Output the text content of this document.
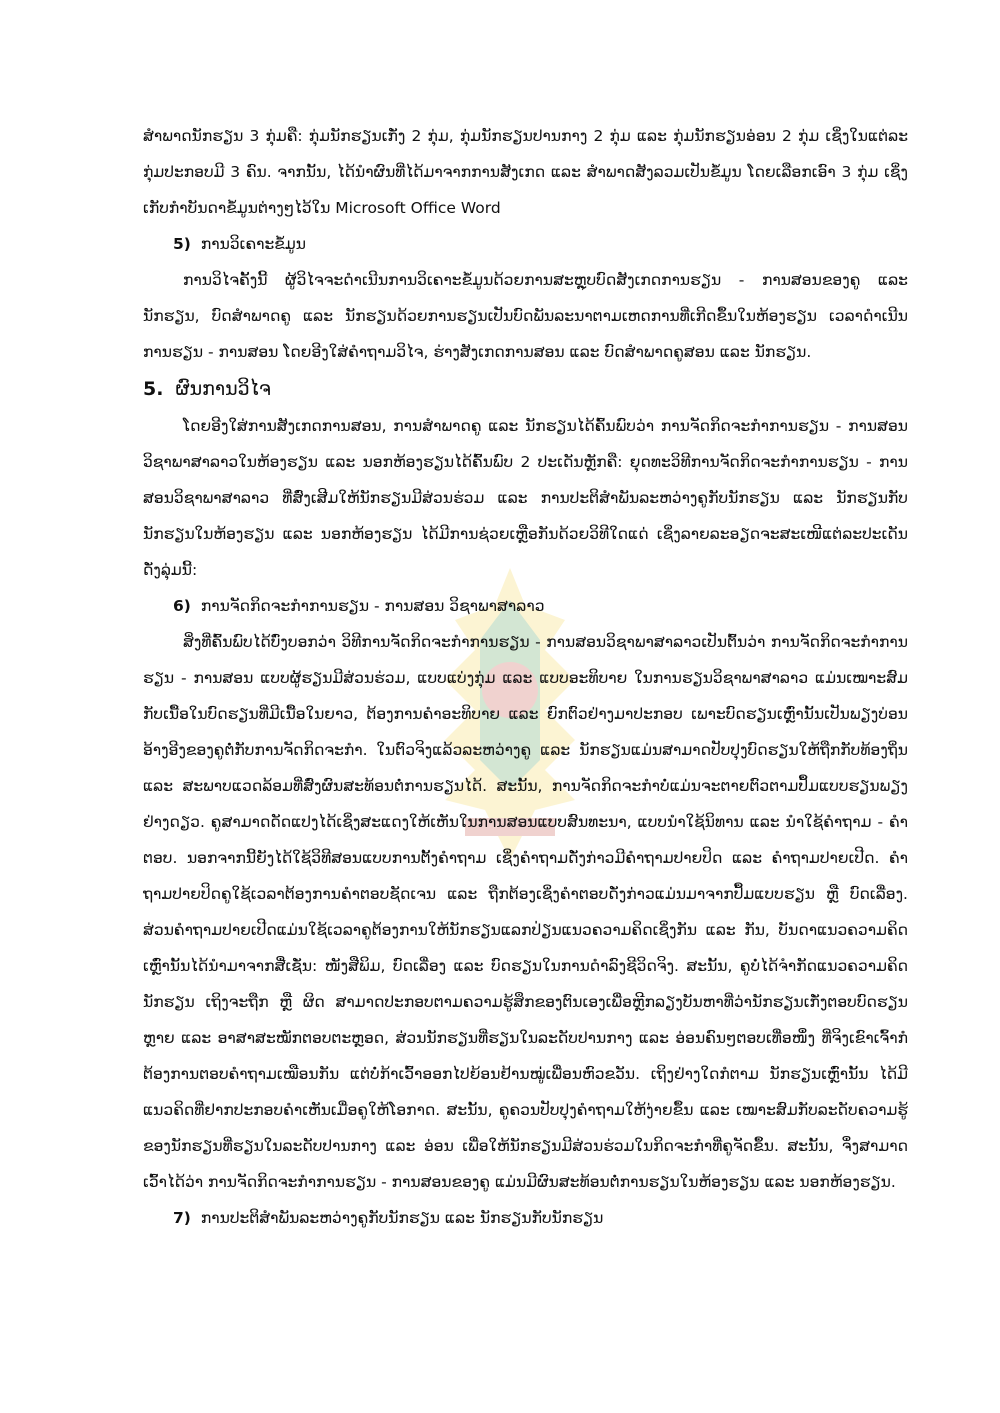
ສໍາພາດນັກຮຽນ 3 ກຸ່ມຄື: ກຸ່ມນັກຮຽນເກັ່ງ 2 ກຸ່ມ, ກຸ່ມນັກຮຽນປານກາງ 2 ກຸ່ມ ແລະ ກຸ່ມນັກຮຽນອ່ອນ 2 ກຸ່ມ ເຊິ່ງໃນແຕ່ລະກຸ່ມປະກອບມີ 3 ຄົນ. ຈາກນັ້ນ, ໄດ້ນໍາຜົນທີ່ໄດ້ມາຈາກການສັງເກດ ແລະ ສໍາພາດສັງລວມເປັນຂໍ້ມູນ ໂດຍເລືອກເອົາ 3 ກຸ່ມ ເຊິ່ງເກັບກໍາບັນດາຂໍ້ມູນຕ່າງໆໄວ້ໃນ Microsoft Office Word

5) ການວິເຄາະຂໍ້ມູນ

ການວິໄຈຄັ້ງນີ້ ຜູ້ວິໄຈຈະດໍາເນີນການວິເຄາະຂໍ້ມູນດ້ວຍການສະຫຼຸບບົດສັງເກດການຮຽນ - ການສອນຂອງຄູ ແລະ ນັກຮຽນ, ບົດສໍາພາດຄູ ແລະ ນັກຮຽນດ້ວຍການຮຽນເປັນບົດພັນລະນາຕາມເຫດການທີ່ເກີດຂຶ້ນໃນຫ້ອງຮຽນ ເວລາດໍາເນີນການຮຽນ - ການສອນ ໂດຍອີງໃສ່ຄໍາຖາມວິໄຈ, ຮ່າງສັງເກດການສອນ ແລະ ບົດສໍາພາດຄູສອນ ແລະ ນັກຮຽນ.

5. ຜົນການວິໄຈ

ໂດຍອີງໃສ່ການສັງເກດການສອນ, ການສໍາພາດຄູ ແລະ ນັກຮຽນໄດ້ຄົ້ນພົບວ່າ ການຈັດກິດຈະກໍາການຮຽນ - ການສອນວິຊາພາສາລາວໃນຫ້ອງຮຽນ ແລະ ນອກຫ້ອງຮຽນໄດ້ຄົ້ນພົບ 2 ປະເດັນຫຼັກຄື: ຍຸດທະວິທີການຈັດກິດຈະກໍາການຮຽນ - ການສອນວິຊາພາສາລາວ ທີ່ສົ່ງເສີມໃຫ້ນັກຮຽນມີສ່ວນຮ່ວມ ແລະ ການປະຕິສໍາພັນລະຫວ່າງຄູກັບນັກຮຽນ ແລະ ນັກຮຽນກັບນັກຮຽນໃນຫ້ອງຮຽນ ແລະ ນອກຫ້ອງຮຽນ ໄດ້ມີການຊ່ວຍເຫຼືອກັນດ້ວຍວິທີໃດແດ່ ເຊິ່ງລາຍລະອຽດຈະສະເໜີແຕ່ລະປະເດັນດັ່ງລຸ່ມນີ້:

6) ການຈັດກິດຈະກໍາການຮຽນ - ການສອນ ວິຊາພາສາລາວ

ສິ່ງທີ່ຄົ້ນພົບໄດ້ບົ່ງບອກວ່າ ວິທີການຈັດກິດຈະກໍາການຮຽນ - ການສອນວິຊາພາສາລາວເປັນຕົ້ນວ່າ ການຈັດກິດຈະກໍາການຮຽນ - ການສອນ ແບບຜູ້ຮຽນມີສ່ວນຮ່ວມ, ແບບແບ່ງກຸ່ມ ແລະ ແບບອະທິບາຍ ໃນການຮຽນວິຊາພາສາລາວ ແມ່ນເໝາະສົມກັບເນື້ອໃນບົດຮຽນທີ່ມີເນື້ອໃນຍາວ, ຕ້ອງການຄໍາອະທິບາຍ ແລະ ຍົກຕົວຢ່າງມາປະກອບ ເພາະບົດຮຽນເຫຼົ່ານັ້ນເປັນພຽງບ່ອນອ້າງອີງຂອງຄູຕໍ່ກັບການຈັດກິດຈະກໍາ. ໃນຕົວຈິງແລ້ວລະຫວ່າງຄູ ແລະ ນັກຮຽນແມ່ນສາມາດປັບປຸງບົດຮຽນໃຫ້ຖືກກັບທ້ອງຖິ່ນ ແລະ ສະພາບແວດລ້ອມທີ່ສົ່ງຜົນສະທ້ອນຕໍ່ການຮຽນໄດ້. ສະນັ້ນ, ການຈັດກິດຈະກໍາບໍ່ແມ່ນຈະຕາຍຕົວຕາມປຶ້ມແບບຮຽນພຽງຢ່າງດຽວ. ຄູສາມາດດັດແປງໄດ້ເຊິ່ງສະແດງໃຫ້ເຫັນໃນການສອນແບບສົນທະນາ, ແບບນໍາໃຊ້ນິທານ ແລະ ນໍາໃຊ້ຄໍາຖາມ - ຄໍາຕອບ. ນອກຈາກນີ້ຍັງໄດ້ໃຊ້ວິທີສອນແບບການຕັ້ງຄໍາຖາມ ເຊິ່ງຄໍາຖາມດັ່ງກ່າວມີຄໍາຖາມປາຍປິດ ແລະ ຄໍາຖາມປາຍເປີດ. ຄໍາຖາມປາຍປິດຄູໃຊ້ເວລາຕ້ອງການຄໍາຕອບຊັດເຈນ ແລະ ຖືກຕ້ອງເຊິ່ງຄໍາຕອບດັ່ງກ່າວແມ່ນມາຈາກປຶ້ມແບບຮຽນ ຫຼື ບົດເລື່ອງ. ສ່ວນຄໍາຖາມປາຍເປີດແມ່ນໃຊ້ເວລາຄູຕ້ອງການໃຫ້ນັກຮຽນແລກປ່ຽນແນວຄວາມຄິດເຊິ່ງກັນ ແລະ ກັນ, ບັນດາແນວຄວາມຄິດເຫຼົ່ານັ້ນໄດ້ນໍາມາຈາກສື່ເຊັ່ນ: ໜັງສືພິມ, ບົດເລື່ອງ ແລະ ບົດຮຽນໃນການດໍາລົງຊີວິດຈິງ. ສະນັ້ນ, ຄູບໍ່ໄດ້ຈໍາກັດແນວຄວາມຄິດນັກຮຽນ ເຖິງຈະຖືກ ຫຼື ຜິດ ສາມາດປະກອບຕາມຄວາມຮູ້ສຶກຂອງຕົນເອງເພື່ອຫຼີກລຽງບັນຫາທີ່ວ່ານັກຮຽນເກັ່ງຕອບບົດຮຽນຫຼາຍ ແລະ ອາສາສະໝັກຕອບຕະຫຼອດ, ສ່ວນນັກຮຽນທີ່ຮຽນໃນລະດັບປານກາງ ແລະ ອ່ອນຄົນໆຕອບເທື່ອໜຶ່ງ ທີ່ຈິງເຂົາເຈົ້າກໍຕ້ອງການຕອບຄໍາຖາມເໝືອນກັນ ແຕ່ບໍ່ກ້າເວົ້າອອກໄປຍ້ອນຢ້ານໝູ່ເພື່ອນຫົວຂວັນ. ເຖິງຢ່າງໃດກໍຕາມ ນັກຮຽນເຫຼົ່ານັ້ນ ໄດ້ມີແນວຄິດທີ່ຢາກປະກອບຄໍາເຫັນເມື່ອຄູໃຫ້ໂອກາດ. ສະນັ້ນ, ຄູຄວນປັບປຸງຄໍາຖາມໃຫ້ງ່າຍຂຶ້ນ ແລະ ເໝາະສົມກັບລະດັບຄວາມຮູ້ຂອງນັກຮຽນທີ່ຮຽນໃນລະດັບປານກາງ ແລະ ອ່ອນ ເພື່ອໃຫ້ນັກຮຽນມີສ່ວນຮ່ວມໃນກິດຈະກໍາທີ່ຄູຈັດຂຶ້ນ. ສະນັ້ນ, ຈຶ່ງສາມາດເວົ້າໄດ້ວ່າ ການຈັດກິດຈະກໍາການຮຽນ - ການສອນຂອງຄູ ແມ່ນມີຜົນສະທ້ອນຕໍ່ການຮຽນໃນຫ້ອງຮຽນ ແລະ ນອກຫ້ອງຮຽນ.

7) ການປະຕິສໍາພັນລະຫວ່າງຄູກັບນັກຮຽນ ແລະ ນັກຮຽນກັບນັກຮຽນ
